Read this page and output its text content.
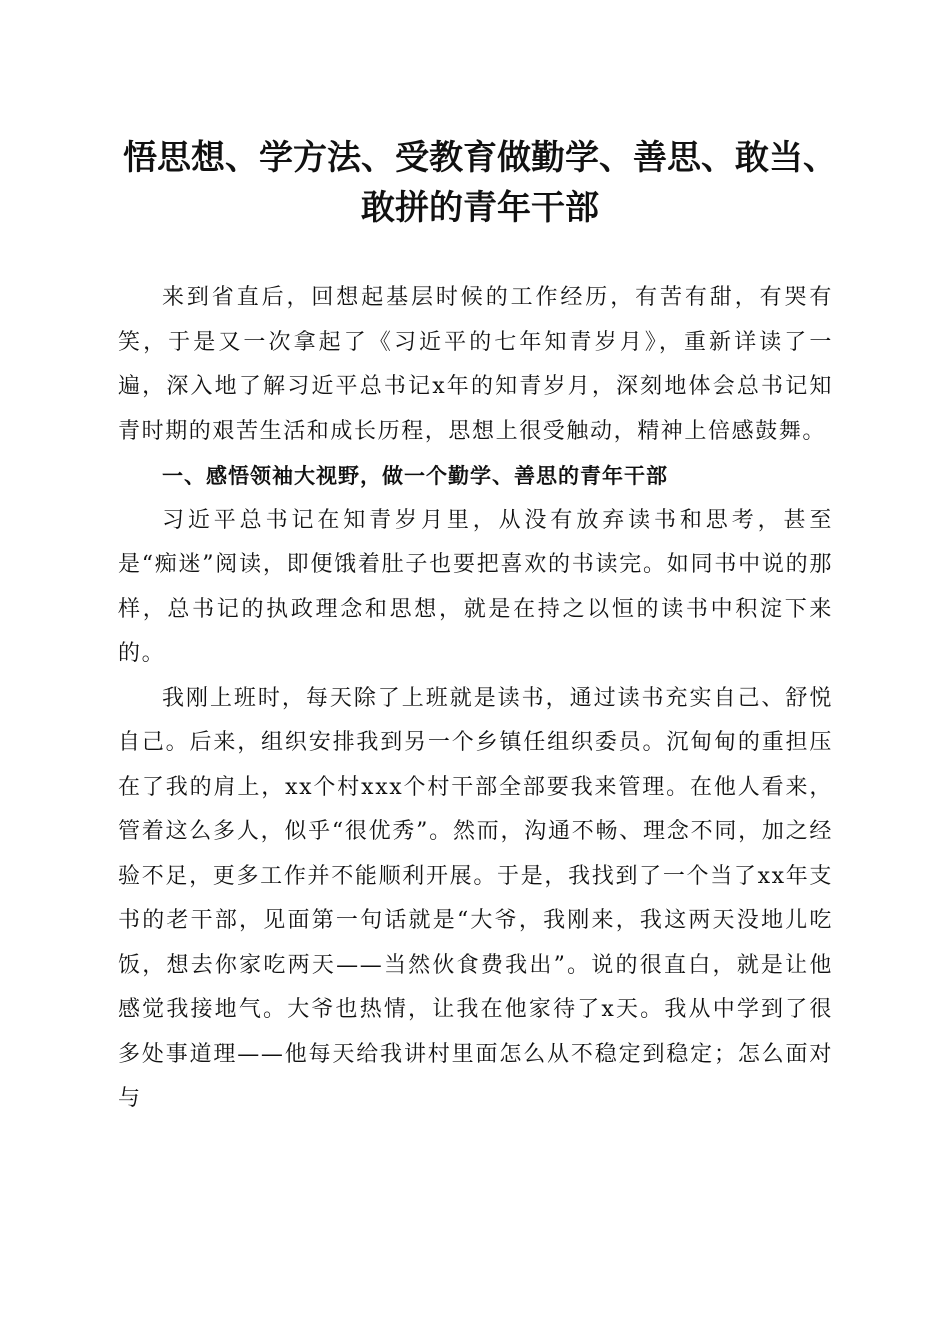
悟思想、学方法、受教育做勤学、善思、敢当、
敢拼的青年干部

来到省直后，回想起基层时候的工作经历，有苦有甜，有哭有笑，于是又一次拿起了《习近平的七年知青岁月》，重新详读了一遍，深入地了解习近平总书记x年的知青岁月，深刻地体会总书记知青时期的艰苦生活和成长历程，思想上很受触动，精神上倍感鼓舞。

一、感悟领袖大视野，做一个勤学、善思的青年干部

习近平总书记在知青岁月里，从没有放弃读书和思考，甚至是“痴迷”阅读，即便饿着肚子也要把喜欢的书读完。如同书中说的那样，总书记的执政理念和思想，就是在持之以恒的读书中积淀下来的。

我刚上班时，每天除了上班就是读书，通过读书充实自己、舒悦自己。后来，组织安排我到另一个乡镇任组织委员。沉甸甸的重担压在了我的肩上，xx个村xxx个村干部全部要我来管理。在他人看来，管着这么多人，似乎“很优秀”。然而，沟通不畅、理念不同，加之经验不足，更多工作并不能顺利开展。于是，我找到了一个当了xx年支书的老干部，见面第一句话就是“大爷，我刚来，我这两天没地儿吃饭，想去你家吃两天——当然伙食费我出”。说的很直白，就是让他感觉我接地气。大爷也热情，让我在他家待了x天。我从中学到了很多处事道理——他每天给我讲村里面怎么从不稳定到稳定；怎么面对与
